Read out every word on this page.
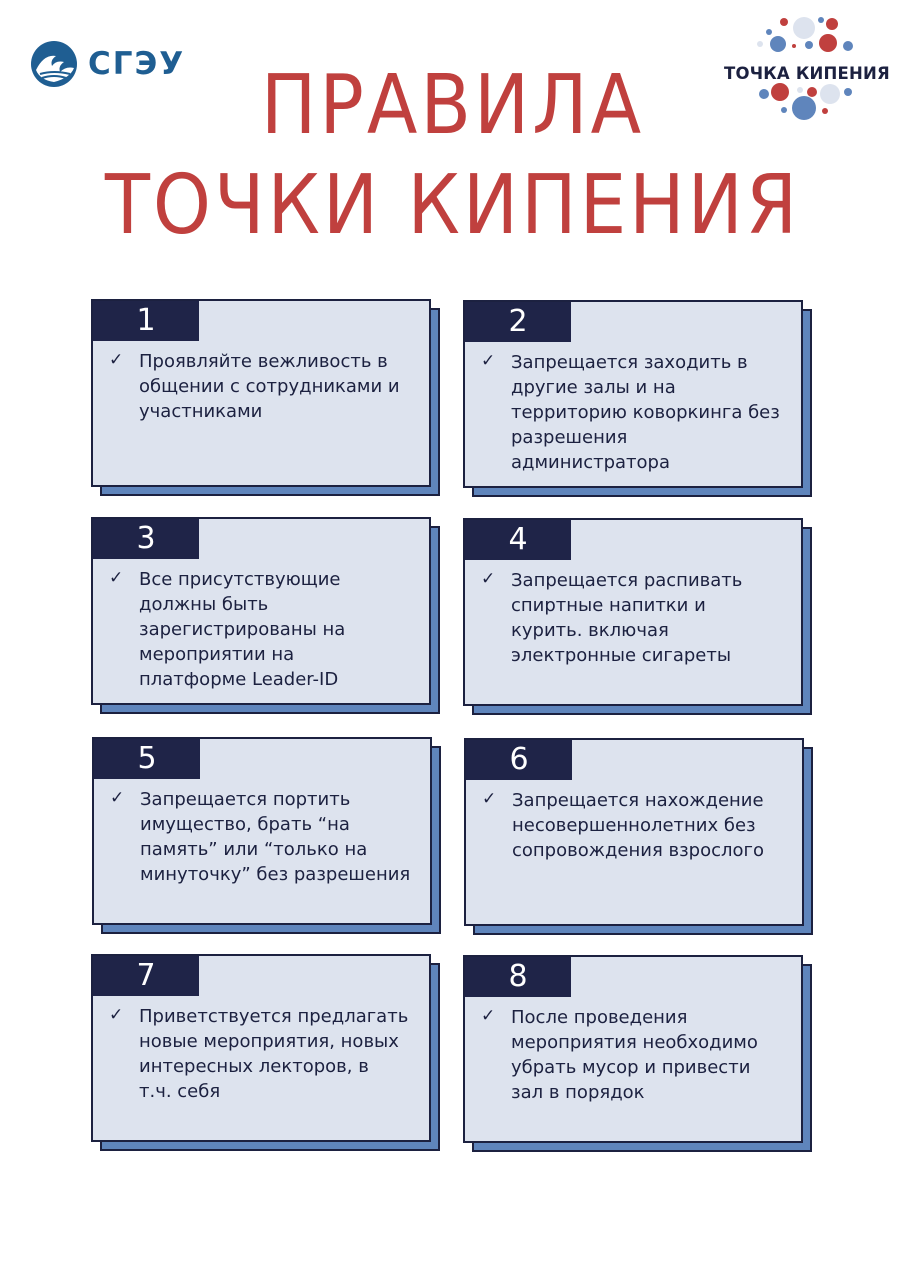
СГЭУ	ТОЧКА КИПЕНИЯ
ПРАВИЛА
ТОЧКИ КИПЕНИЯ
1
✓ Проявляйте вежливость в
общении с сотрудниками и
участниками
2
✓ Запрещается заходить в
другие залы и на
территорию коворкинга без
разрешения
администратора
3
✓ Все присутствующие
должны быть
зарегистрированы на
мероприятии на
платформе Leader-ID
4
✓ Запрещается распивать
спиртные напитки и
курить. включая
электронные сигареты
5
✓ Запрещается портить
имущество, брать “на
память” или “только на
минуточку” без разрешения
6
✓ Запрещается нахождение
несовершеннолетних без
сопровождения взрослого
7
✓ Приветствуется предлагать
новые мероприятия, новых
интересных лекторов, в
т.ч. себя
8
✓ После проведения
мероприятия необходимо
убрать мусор и привести
зал в порядок
